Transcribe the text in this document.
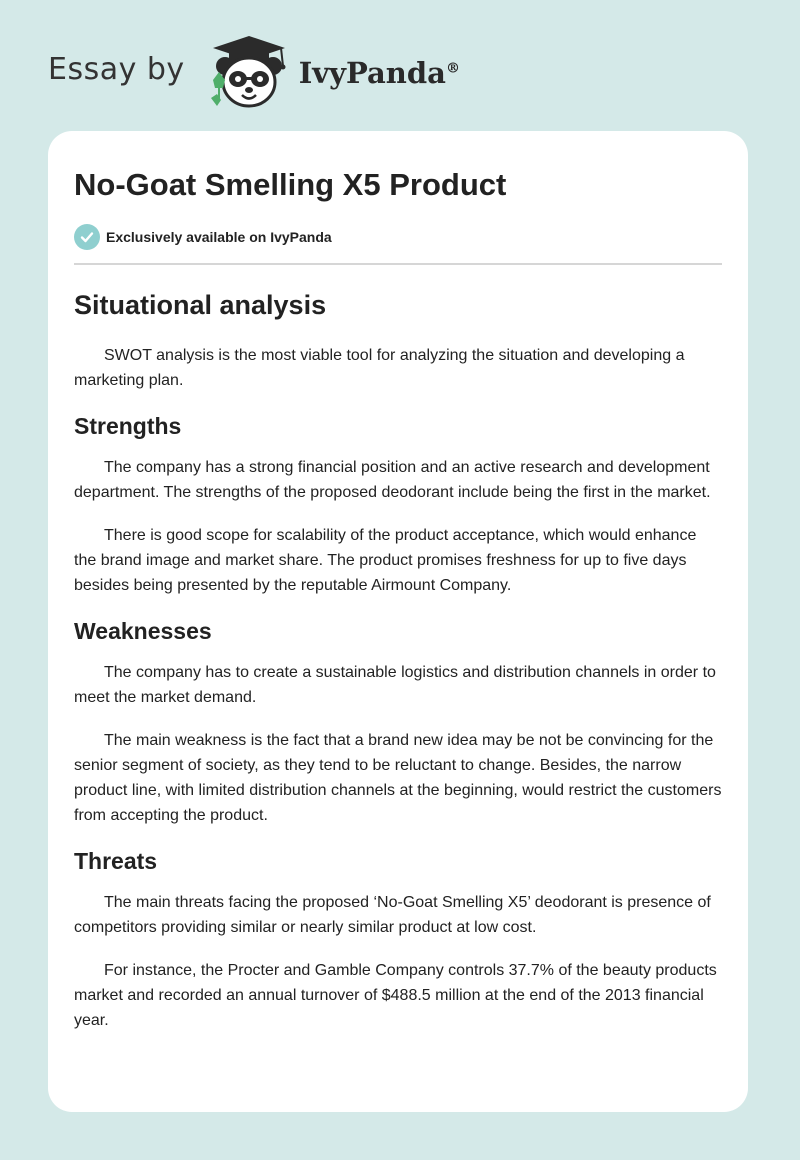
Essay by	IvyPanda®
No-Goat Smelling X5 Product
Exclusively available on IvyPanda
Situational analysis

SWOT analysis is the most viable tool for analyzing the situation and developing a marketing plan.

Strengths

The company has a strong financial position and an active research and development department. The strengths of the proposed deodorant include being the first in the market.

There is good scope for scalability of the product acceptance, which would enhance the brand image and market share. The product promises freshness for up to five days besides being presented by the reputable Airmount Company.

Weaknesses

The company has to create a sustainable logistics and distribution channels in order to meet the market demand.

The main weakness is the fact that a brand new idea may be not be convincing for the senior segment of society, as they tend to be reluctant to change. Besides, the narrow product line, with limited distribution channels at the beginning, would restrict the customers from accepting the product.

Threats

The main threats facing the proposed ‘No-Goat Smelling X5’ deodorant is presence of competitors providing similar or nearly similar product at low cost.

For instance, the Procter and Gamble Company controls 37.7% of the beauty products market and recorded an annual turnover of $488.5 million at the end of the 2013 financial year.
